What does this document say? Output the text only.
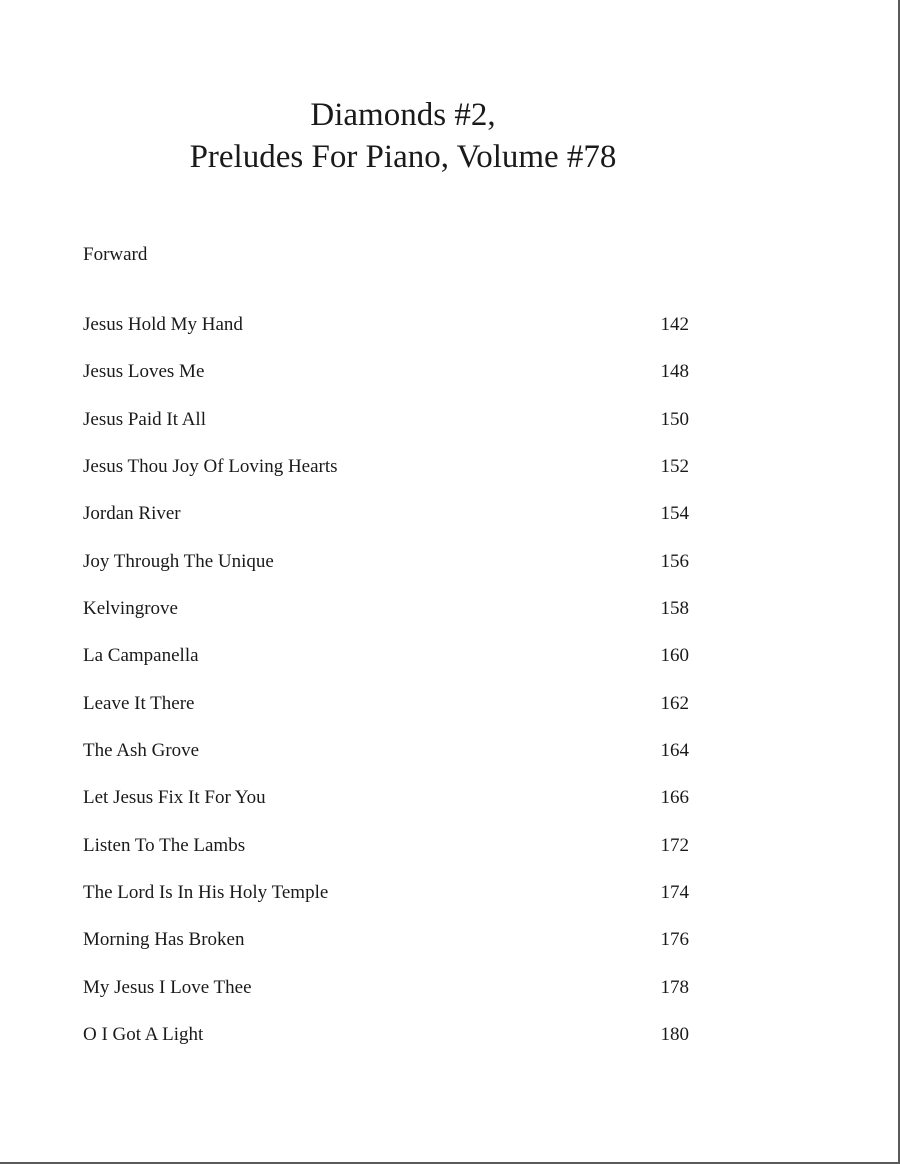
Diamonds #2,
Preludes For Piano, Volume #78
Forward
Jesus Hold My Hand	142
Jesus Loves Me	148
Jesus Paid It All	150
Jesus Thou Joy Of Loving Hearts	152
Jordan River	154
Joy Through The Unique	156
Kelvingrove	158
La Campanella	160
Leave It There	162
The Ash Grove	164
Let Jesus Fix It For You	166
Listen To The Lambs	172
The Lord Is In His Holy Temple	174
Morning Has Broken	176
My Jesus I Love Thee	178
O I Got A Light	180
